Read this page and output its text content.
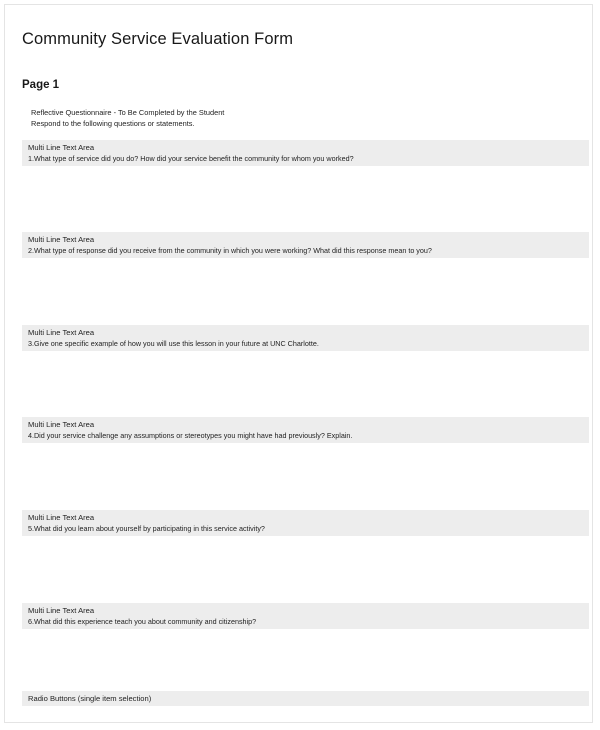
Community Service Evaluation Form
Page 1
Reflective Questionnaire - To Be Completed by the Student
Respond to the following questions or statements.
Multi Line Text Area
1.What type of service did you do? How did your service benefit the community for whom you worked?
Multi Line Text Area
2.What type of response did you receive from the community in which you were working? What did this response mean to you?
Multi Line Text Area
3.Give one specific example of how you will use this lesson in your future at UNC Charlotte.
Multi Line Text Area
4.Did your service challenge any assumptions or stereotypes you might have had previously? Explain.
Multi Line Text Area
5.What did you learn about yourself by participating in this service activity?
Multi Line Text Area
6.What did this experience teach you about community and citizenship?
Radio Buttons (single item selection)
